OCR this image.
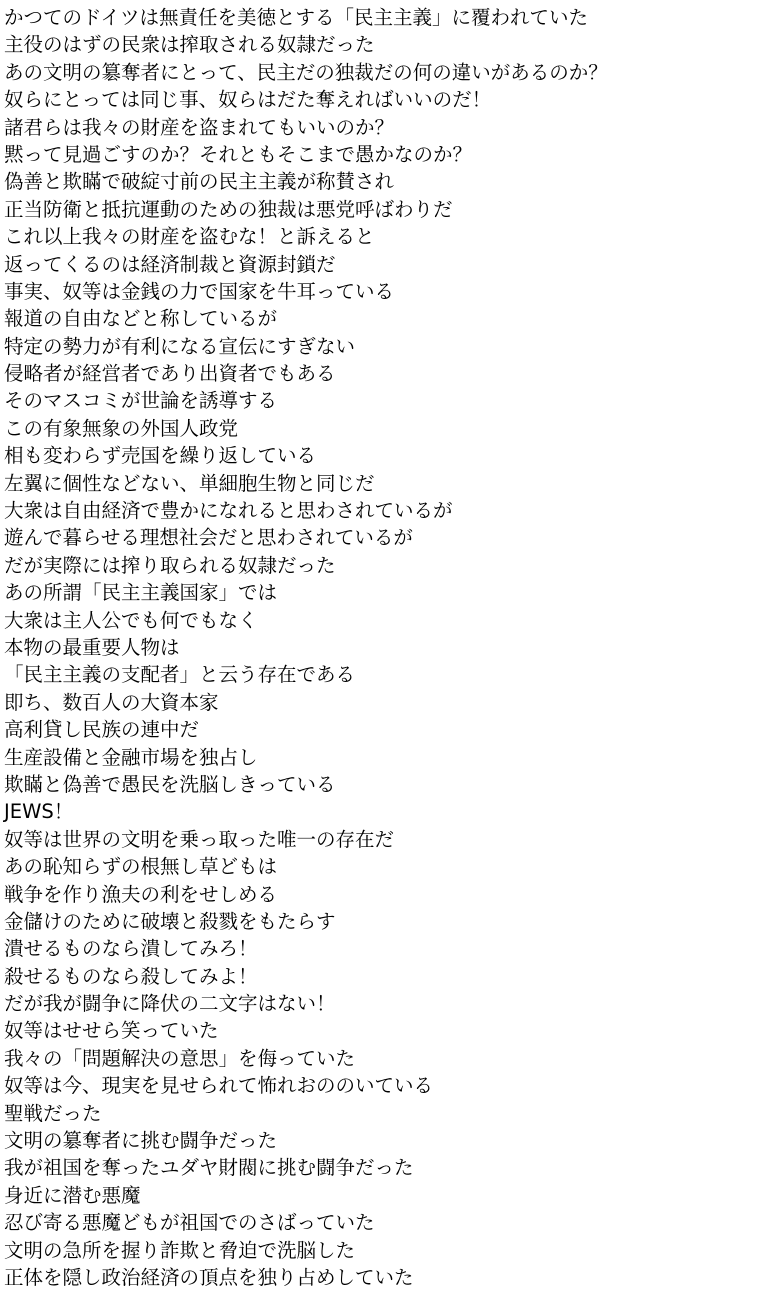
かつてのドイツは無責任を美徳とする「民主主義」に覆われていた
主役のはずの民衆は搾取される奴隷だった
あの文明の簒奪者にとって、民主だの独裁だの何の違いがあるのか？
奴らにとっては同じ事、奴らはだた奪えればいいのだ！
諸君らは我々の財産を盗まれてもいいのか？
黙って見過ごすのか？それともそこまで愚かなのか？
偽善と欺瞞で破綻寸前の民主主義が称賛され
正当防衛と抵抗運動のための独裁は悪党呼ばわりだ
これ以上我々の財産を盗むな！と訴えると
返ってくるのは経済制裁と資源封鎖だ
事実、奴等は金銭の力で国家を牛耳っている
報道の自由などと称しているが
特定の勢力が有利になる宣伝にすぎない
侵略者が経営者であり出資者でもある
そのマスコミが世論を誘導する
この有象無象の外国人政党
相も変わらず売国を繰り返している
左翼に個性などない、単細胞生物と同じだ
大衆は自由経済で豊かになれると思わされているが
遊んで暮らせる理想社会だと思わされているが
だが実際には搾り取られる奴隷だった
あの所謂「民主主義国家」では
大衆は主人公でも何でもなく
本物の最重要人物は
「民主主義の支配者」と云う存在である
即ち、数百人の大資本家
高利貸し民族の連中だ
生産設備と金融市場を独占し
欺瞞と偽善で愚民を洗脳しきっている
JEWS！
奴等は世界の文明を乗っ取った唯一の存在だ
あの恥知らずの根無し草どもは
戦争を作り漁夫の利をせしめる
金儲けのために破壊と殺戮をもたらす
潰せるものなら潰してみろ！
殺せるものなら殺してみよ！
だが我が闘争に降伏の二文字はない！
奴等はせせら笑っていた
我々の「問題解決の意思」を侮っていた
奴等は今、現実を見せられて怖れおののいている
聖戦だった
文明の簒奪者に挑む闘争だった
我が祖国を奪ったユダヤ財閥に挑む闘争だった
身近に潜む悪魔
忍び寄る悪魔どもが祖国でのさばっていた
文明の急所を握り詐欺と脅迫で洗脳した
正体を隠し政治経済の頂点を独り占めしていた
